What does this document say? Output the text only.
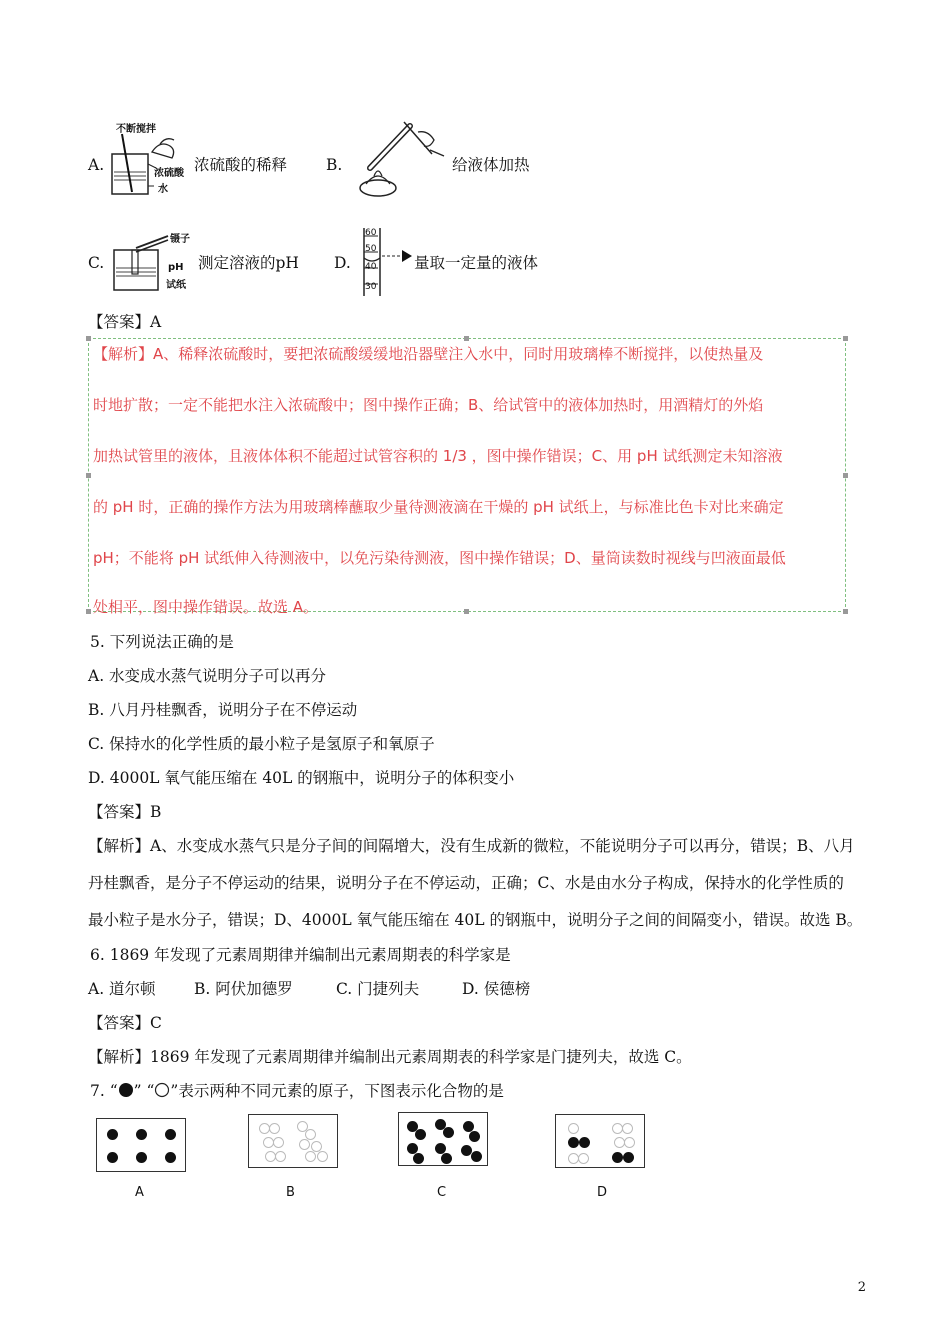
A.
不断搅拌
浓硫酸
水
浓硫酸的稀释	B.	给液体加热
C.
镊子
pH
试纸
测定溶液的pH D.
60
50
40
30
量取一定量的液体
【答案】A
【解析】A、稀释浓硫酸时，要把浓硫酸缓缓地沿器壁注入水中，同时用玻璃棒不断搅拌，以使热量及
时地扩散；一定不能把水注入浓硫酸中；图中操作正确；B、给试管中的液体加热时，用酒精灯的外焰
加热试管里的液体，且液体体积不能超过试管容积的 1/3 ，图中操作错误；C、用 pH 试纸测定未知溶液
的 pH 时，正确的操作方法为用玻璃棒蘸取少量待测液滴在干燥的 pH 试纸上，与标准比色卡对比来确定
pH；不能将 pH 试纸伸入待测液中，以免污染待测液，图中操作错误；D、量筒读数时视线与凹液面最低
处相平，图中操作错误。故选 A。
5. 下列说法正确的是
A. 水变成水蒸气说明分子可以再分
B. 八月丹桂飘香，说明分子在不停运动
C. 保持水的化学性质的最小粒子是氢原子和氧原子
D. 4000L 氧气能压缩在 40L 的钢瓶中，说明分子的体积变小
【答案】B
【解析】A、水变成水蒸气只是分子间的间隔增大，没有生成新的微粒，不能说明分子可以再分，错误；B、八月
丹桂飘香，是分子不停运动的结果，说明分子在不停运动，正确；C、水是由水分子构成，保持水的化学性质的
最小粒子是水分子，错误；D、4000L 氧气能压缩在 40L 的钢瓶中，说明分子之间的间隔变小，错误。故选 B。
6. 1869 年发现了元素周期律并编制出元素周期表的科学家是
A. 道尔顿 B. 阿伏加德罗	C. 门捷列夫	D. 侯德榜
【答案】C
【解析】1869 年发现了元素周期律并编制出元素周期表的科学家是门捷列夫，故选 C。
7. “ ” “ ”表示两种不同元素的原子，下图表示化合物的是
A	B	C	D
2
